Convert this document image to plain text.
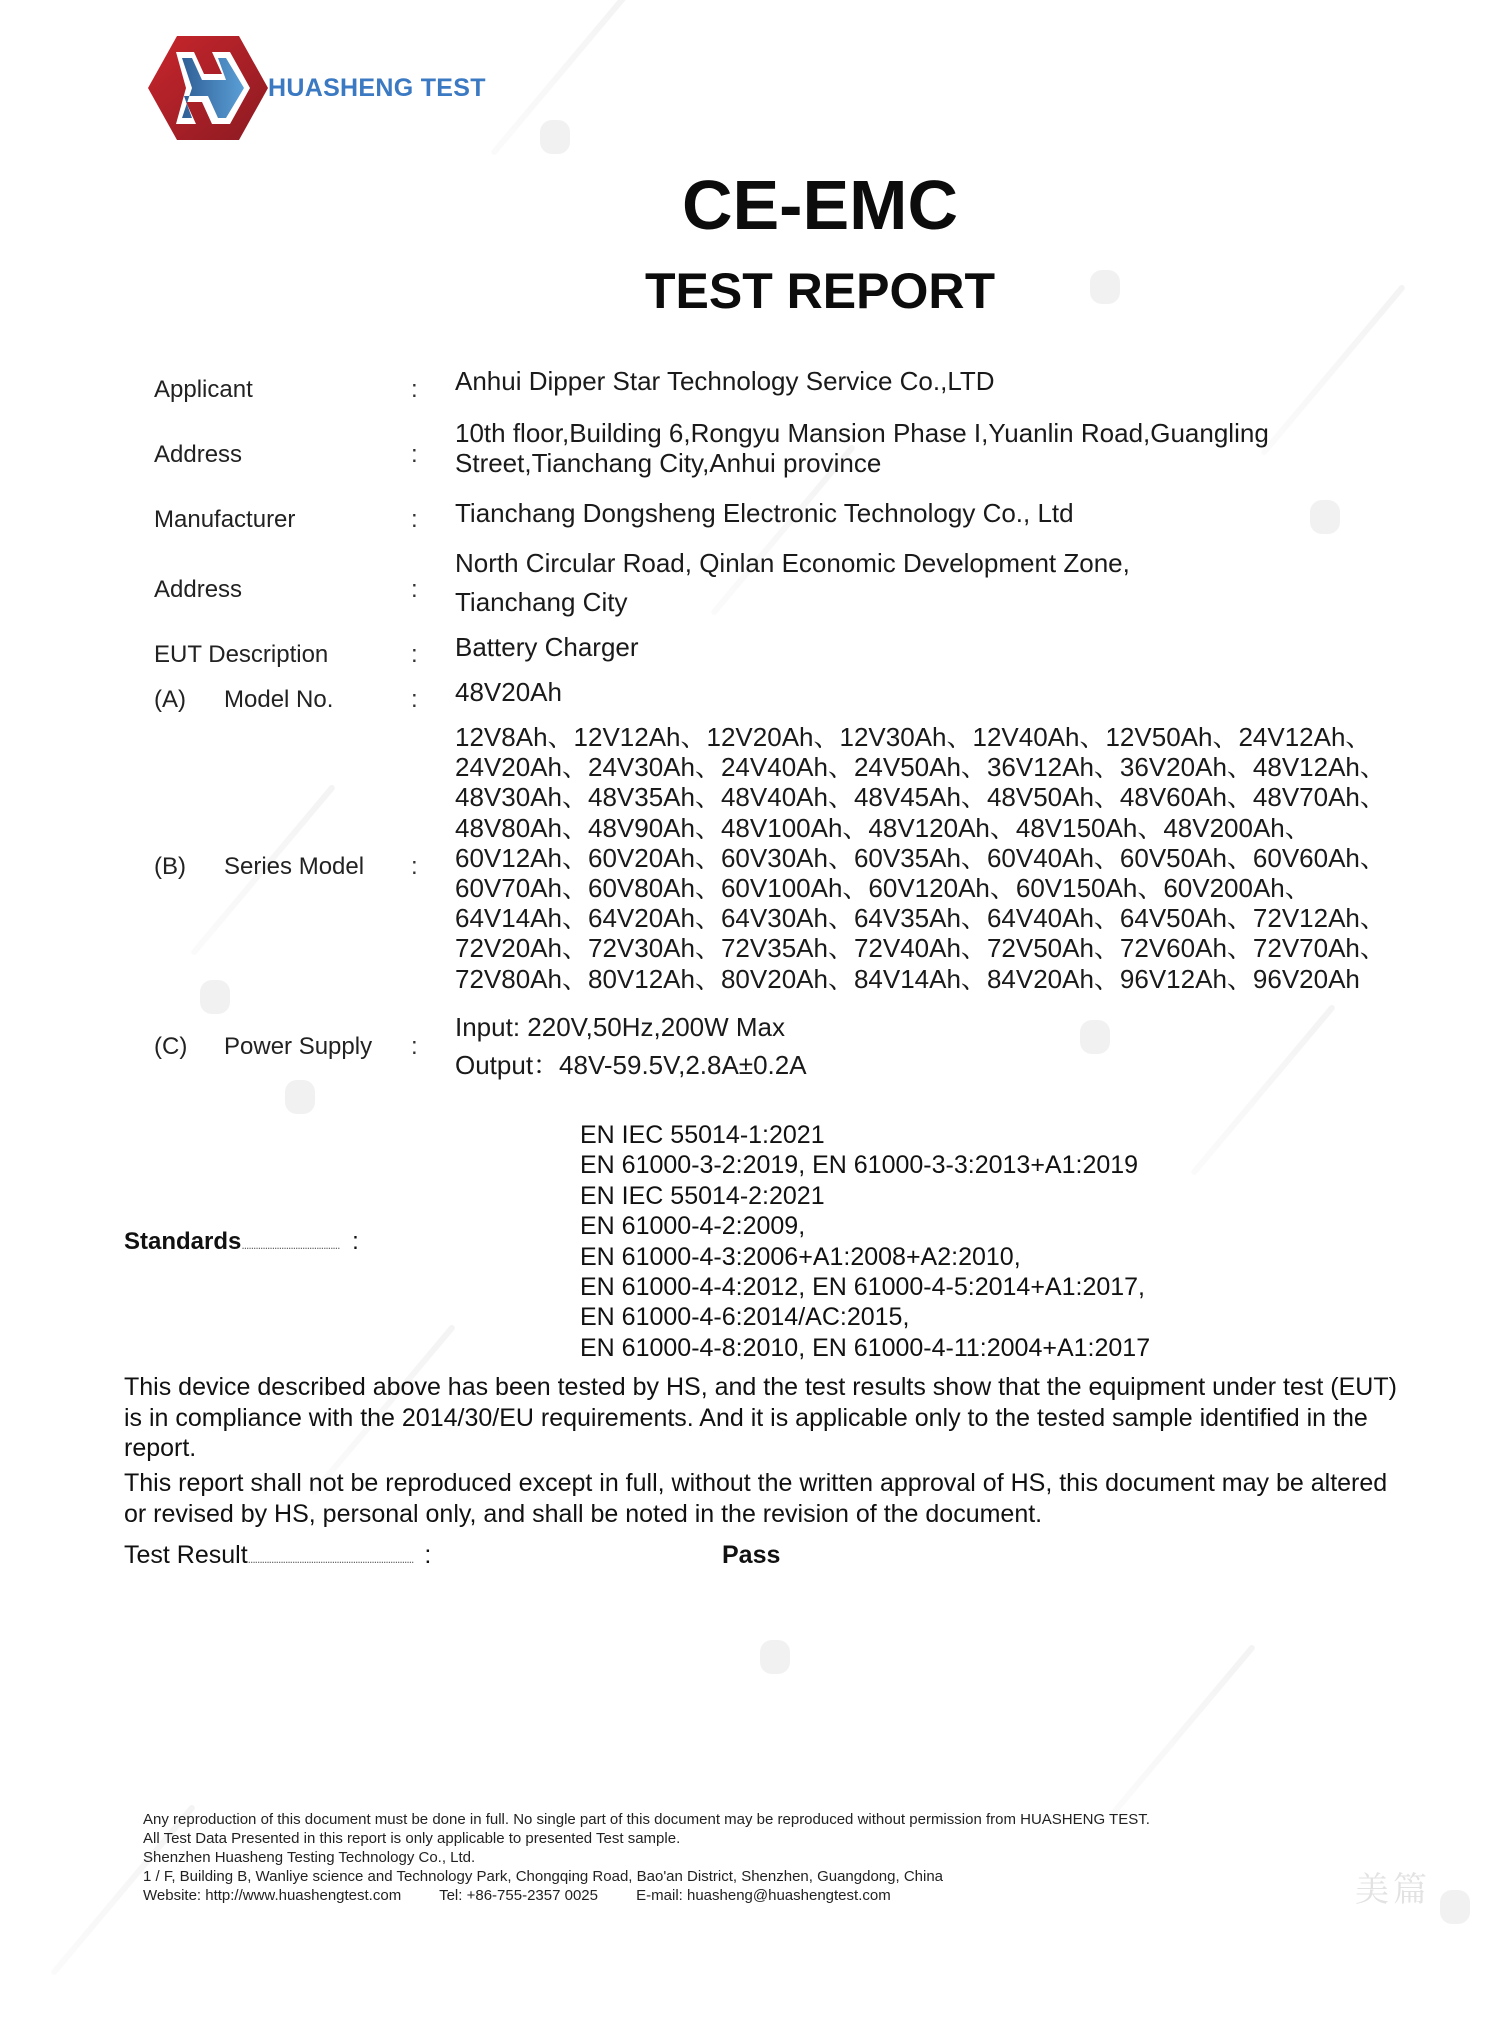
HUASHENG TEST
CE-EMC
TEST REPORT
Applicant	: Anhui Dipper Star Technology Service Co.,LTD
Address	:
10th floor,Building 6,Rongyu Mansion Phase I,Yuanlin Road,Guangling
Street,Tianchang City,Anhui province
Manufacturer	: Tianchang Dongsheng Electronic Technology Co., Ltd
Address	:
North Circular Road, Qinlan Economic Development Zone,
Tianchang City
EUT Description	: Battery Charger
(A) Model No.	: 48V20Ah
(B) Series Model :
12V8Ah、12V12Ah、12V20Ah、12V30Ah、12V40Ah、12V50Ah、24V12Ah、
24V20Ah、24V30Ah、24V40Ah、24V50Ah、36V12Ah、36V20Ah、48V12Ah、
48V30Ah、48V35Ah、48V40Ah、48V45Ah、48V50Ah、48V60Ah、48V70Ah、
48V80Ah、48V90Ah、48V100Ah、48V120Ah、48V150Ah、48V200Ah、
60V12Ah、60V20Ah、60V30Ah、60V35Ah、60V40Ah、60V50Ah、60V60Ah、
60V70Ah、60V80Ah、60V100Ah、60V120Ah、60V150Ah、60V200Ah、
64V14Ah、64V20Ah、64V30Ah、64V35Ah、64V40Ah、64V50Ah、72V12Ah、
72V20Ah、72V30Ah、72V35Ah、72V40Ah、72V50Ah、72V60Ah、72V70Ah、
72V80Ah、80V12Ah、80V20Ah、84V14Ah、84V20Ah、96V12Ah、96V20Ah
(C) Power Supply :
Input: 220V,50Hz,200W Max
Output：48V-59.5V,2.8A±0.2A
Standards.......................................... :
EN IEC 55014-1:2021
EN 61000-3-2:2019, EN 61000-3-3:2013+A1:2019
EN IEC 55014-2:2021
EN 61000-4-2:2009,
EN 61000-4-3:2006+A1:2008+A2:2010,
EN 61000-4-4:2012, EN 61000-4-5:2014+A1:2017,
EN 61000-4-6:2014/AC:2015,
EN 61000-4-8:2010, EN 61000-4-11:2004+A1:2017
This device described above has been tested by HS, and the test results show that the equipment under test (EUT) is in compliance with the 2014/30/EU requirements. And it is applicable only to the tested sample identified in the report.
This report shall not be reproduced except in full, without the written approval of HS, this document may be altered or revised by HS, personal only, and shall be noted in the revision of the document.
Test Result....................................................................... :	Pass
Any reproduction of this document must be done in full. No single part of this document may be reproduced without permission from HUASHENG TEST.
All Test Data Presented in this report is only applicable to presented Test sample.
Shenzhen Huasheng Testing Technology Co., Ltd.
1 / F, Building B, Wanliye science and Technology Park, Chongqing Road, Bao'an District, Shenzhen, Guangdong, China
Website: http://www.huashengtest.com	Tel: +86-755-2357 0025	E-mail: huasheng@huashengtest.com	美篇
